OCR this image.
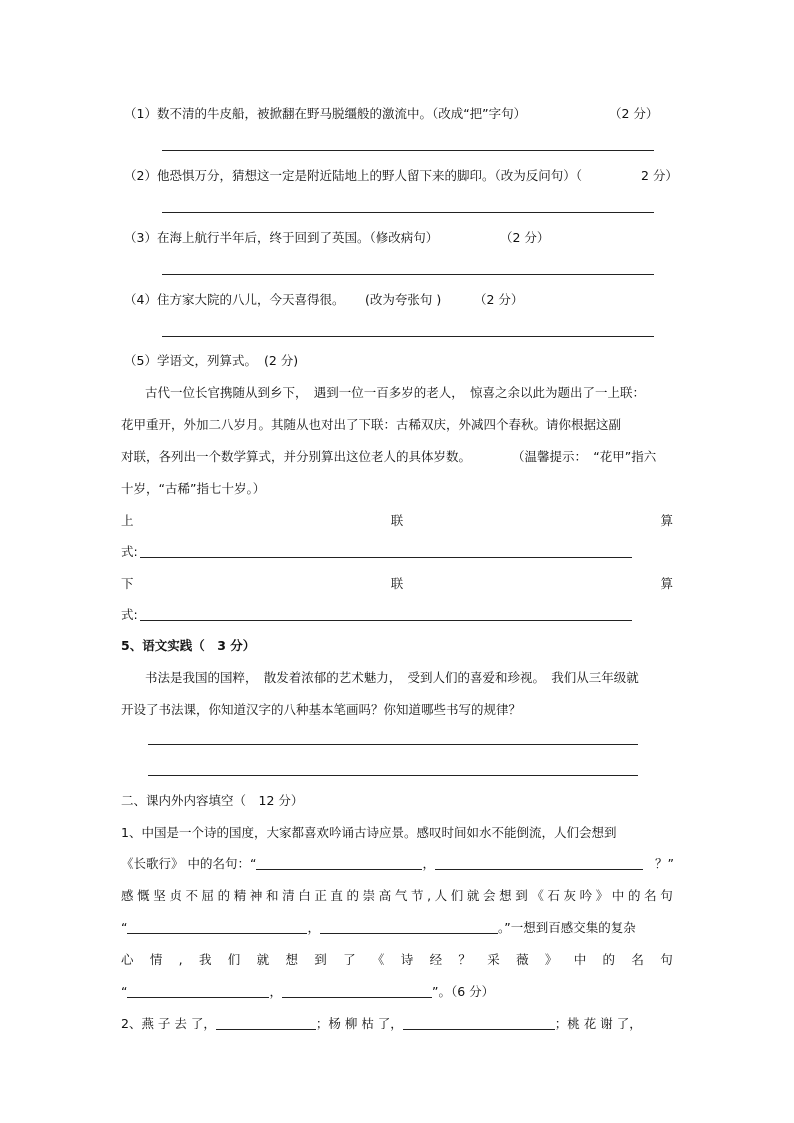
（1）数不清的牛皮船，被掀翻在野马脱缰般的激流中。（改成“把”字句）	（2 分）
（2）他恐惧万分，猜想这一定是附近陆地上的野人留下来的脚印。（改为反问句）（	2 分）
（3）在海上航行半年后，终于回到了英国。（修改病句）	（2 分）
（4）住方家大院的八儿，今天喜得很。 (改为夸张句 )	（2 分）
（5）学语文，列算式。 (2 分)
古代一位长官携随从到乡下，　遇到一位一百多岁的老人，　惊喜之余以此为题出了一上联：
花甲重开，外加二八岁月。其随从也对出了下联：古稀双庆，外减四个春秋。请你根据这副
对联，各列出一个数学算式，并分别算出这位老人的具体岁数。	（温馨提示：　“花甲”指六
十岁，“古稀”指七十岁。）
上	联	算
式:
下	联	算
式:
5、语文实践（　3 分）
书法是我国的国粹，　散发着浓郁的艺术魅力，　受到人们的喜爱和珍视。　我们从三年级就
开设了书法课，你知道汉字的八种基本笔画吗？你知道哪些书写的规律？
二、课内外内容填空（　12 分）
1、中国是一个诗的国度，大家都喜欢吟诵古诗应景。感叹时间如水不能倒流，人们会想到
《长歌行》 中的名句：“	，	？”
感 慨 坚 贞 不 屈 的 精 神 和 清 白 正 直 的 崇 高 气 节 , 人 们 就 会 想 到 《 石 灰 吟 》 中 的 名 句
“	，	。”一想到百感交集的复杂
心 情 , 我 们 就 想 到 了 《 诗 经 ？ 采 薇 》 中 的 名 句
“	，	”。（6 分）
2、燕 子 去 了，	；杨 柳 枯 了，	；桃 花 谢 了，
